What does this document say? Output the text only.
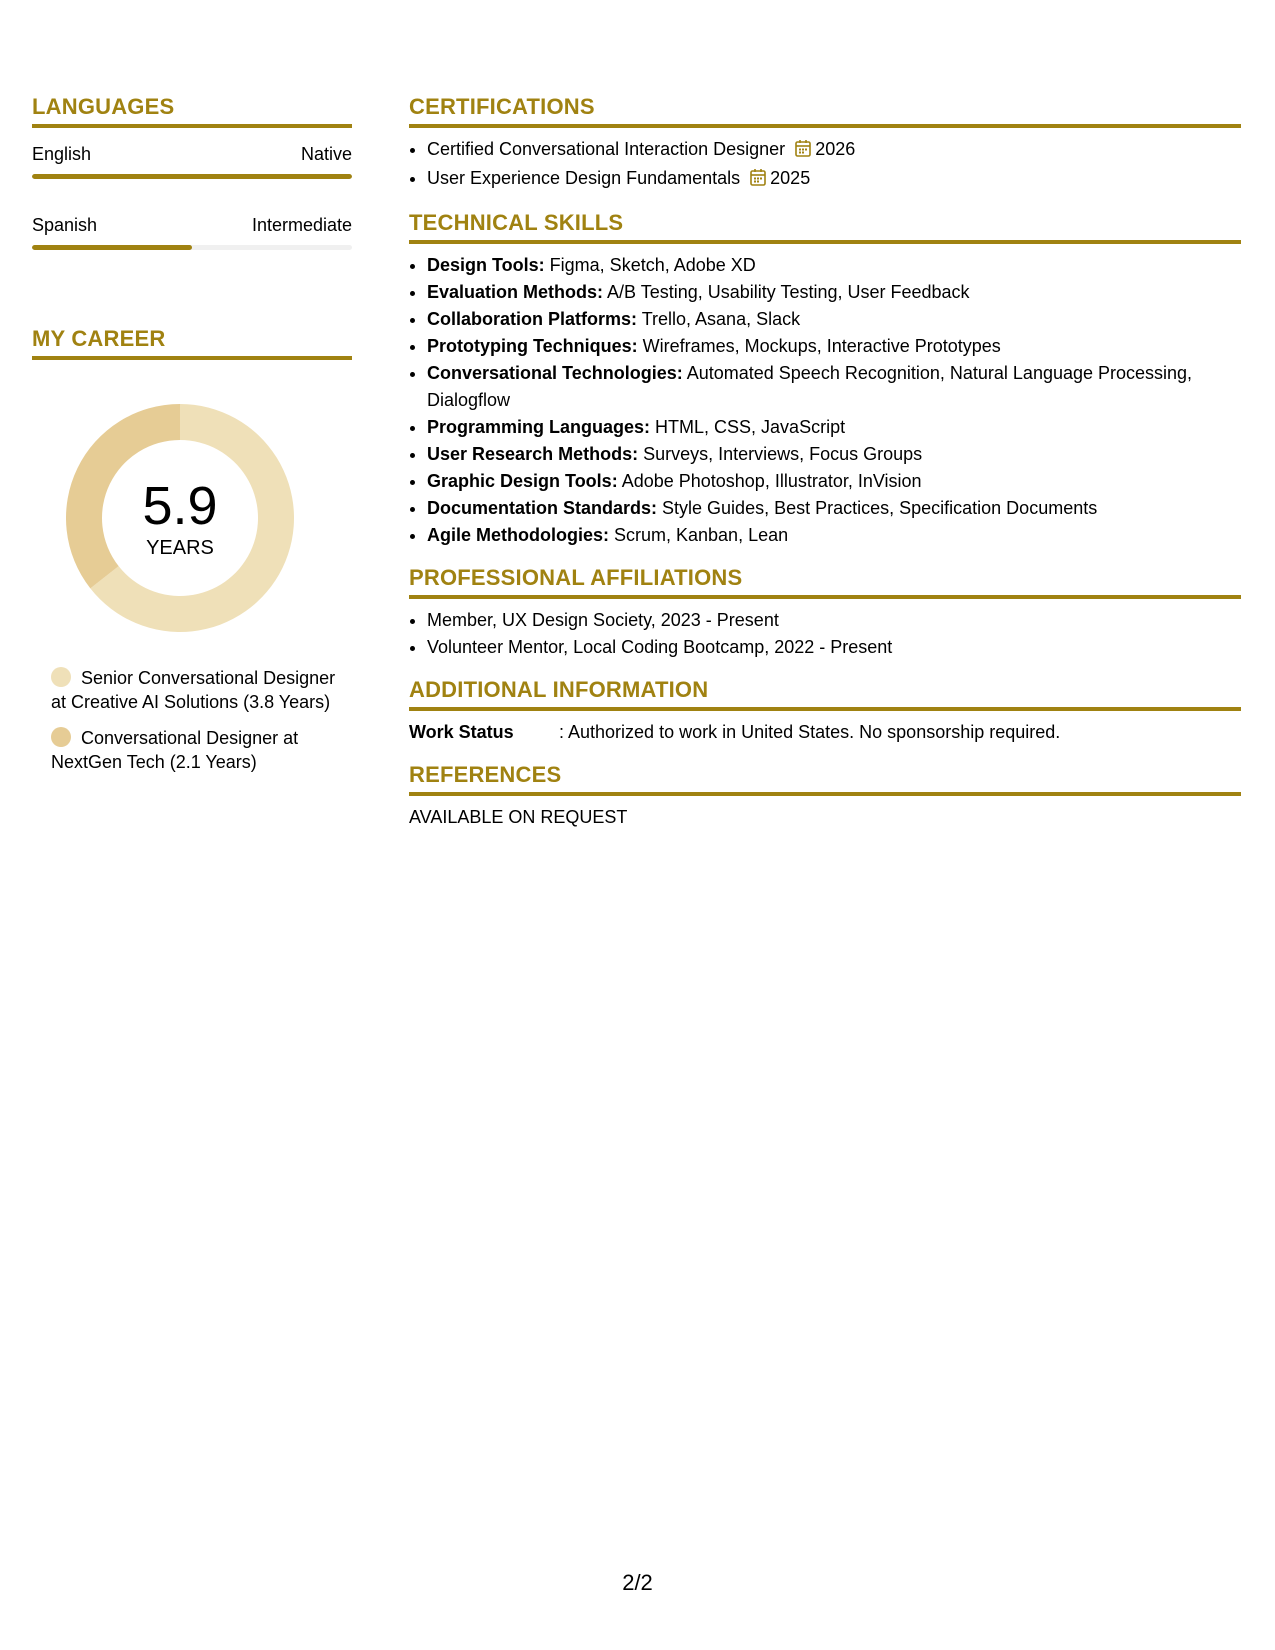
LANGUAGES
English	Native
Spanish	Intermediate
MY CAREER
5.9
YEARS
Senior Conversational Designer at Creative AI Solutions (3.8 Years)
Conversational Designer at NextGen Tech (2.1 Years)
CERTIFICATIONS
• Certified Conversational Interaction Designer 2026
• User Experience Design Fundamentals 2025
TECHNICAL SKILLS
• Design Tools: Figma, Sketch, Adobe XD
• Evaluation Methods: A/B Testing, Usability Testing, User Feedback
• Collaboration Platforms: Trello, Asana, Slack
• Prototyping Techniques: Wireframes, Mockups, Interactive Prototypes
• Conversational Technologies: Automated Speech Recognition, Natural Language Processing, Dialogflow
• Programming Languages: HTML, CSS, JavaScript
• User Research Methods: Surveys, Interviews, Focus Groups
• Graphic Design Tools: Adobe Photoshop, Illustrator, InVision
• Documentation Standards: Style Guides, Best Practices, Specification Documents
• Agile Methodologies: Scrum, Kanban, Lean
PROFESSIONAL AFFILIATIONS
• Member, UX Design Society, 2023 - Present
• Volunteer Mentor, Local Coding Bootcamp, 2022 - Present
ADDITIONAL INFORMATION
Work Status	: Authorized to work in United States. No sponsorship required.
REFERENCES
AVAILABLE ON REQUEST
2/2
